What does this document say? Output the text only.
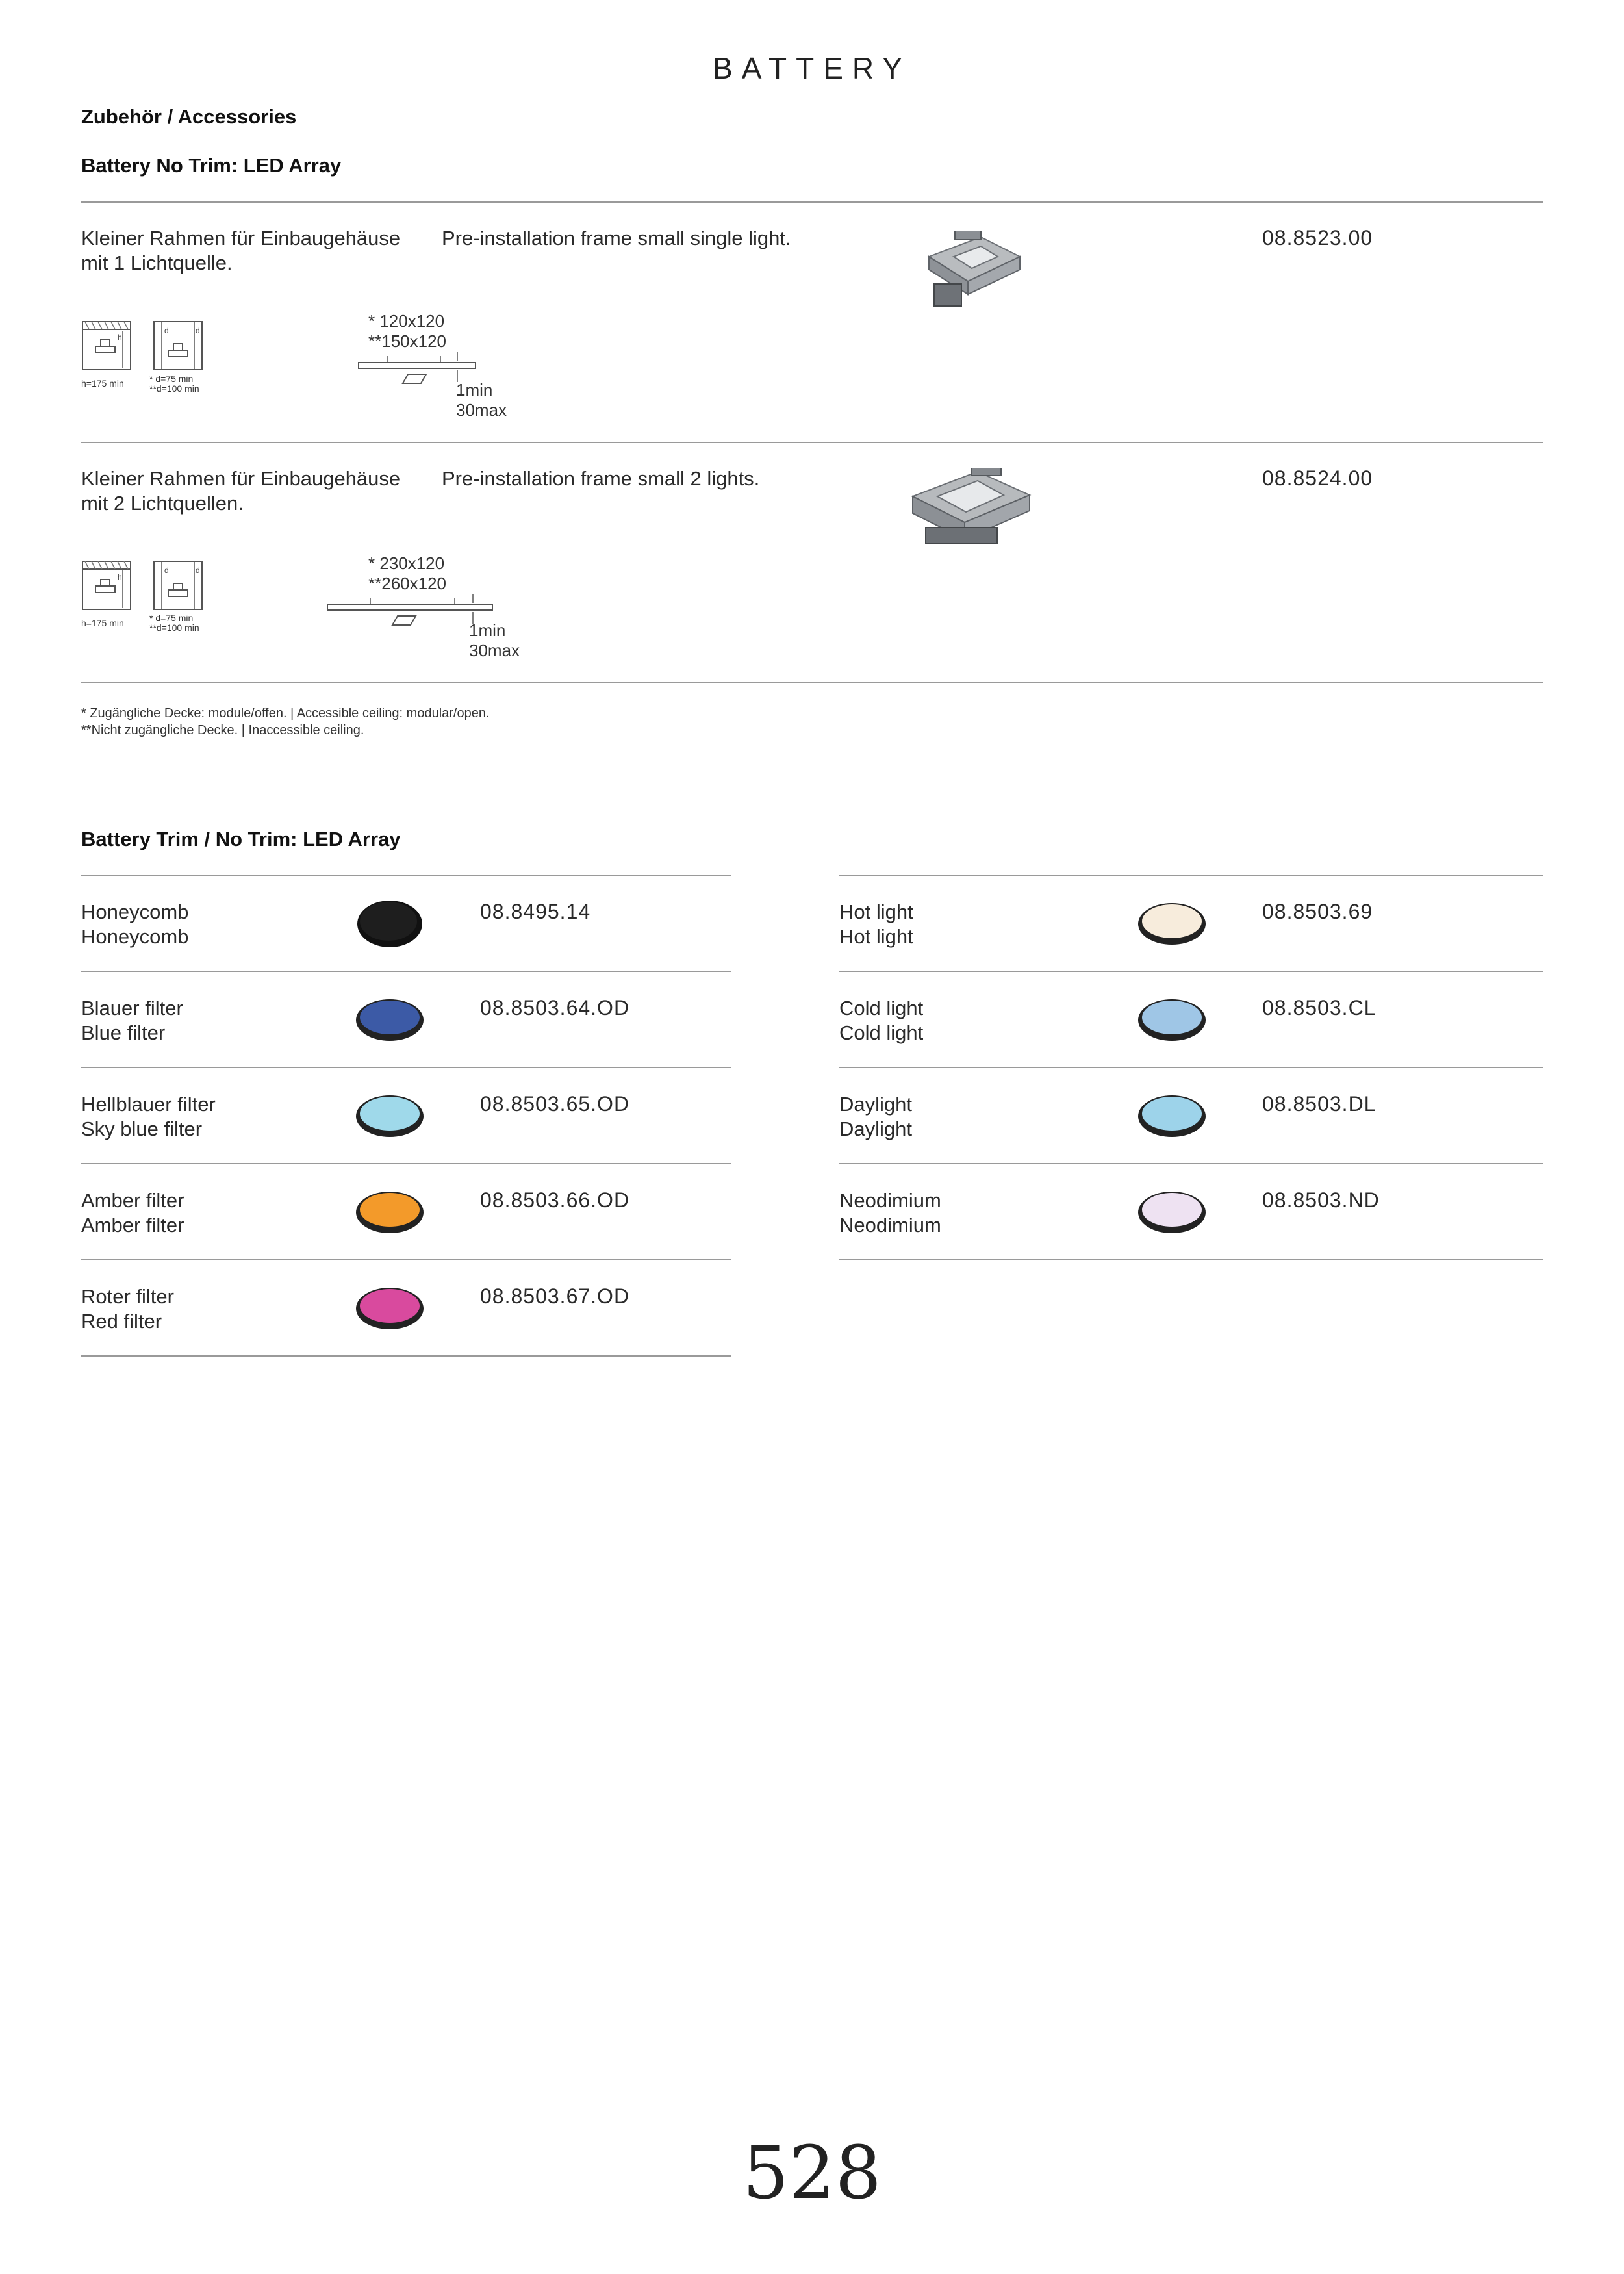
BATTERY
Zubehör / Accessories
Battery No Trim: LED Array
Kleiner Rahmen für Einbaugehäuse
mit 1 Lichtquelle.
Pre-installation frame small single light.	08.8523.00
h
d	d
h=175 min	* d=75 min
**d=100 min
* 120x120
**150x120
1min
30max
Kleiner Rahmen für Einbaugehäuse
mit 2 Lichtquellen.
Pre-installation frame small 2 lights.	08.8524.00
h
d	d
h=175 min	* d=75 min
**d=100 min
* 230x120
**260x120
1min
30max
* Zugängliche Decke: module/offen. | Accessible ceiling: modular/open.
**Nicht zugängliche Decke. | Inaccessible ceiling.
Battery Trim / No Trim: LED Array
Honeycomb
Honeycomb
08.8495.14
Blauer filter
Blue filter
08.8503.64.OD
Hellblauer filter
Sky blue filter
08.8503.65.OD
Amber filter
Amber filter
08.8503.66.OD
Roter filter
Red filter
08.8503.67.OD
Hot light
Hot light
08.8503.69
Cold light
Cold light
08.8503.CL
Daylight
Daylight
08.8503.DL
Neodimium
Neodimium
08.8503.ND
528
